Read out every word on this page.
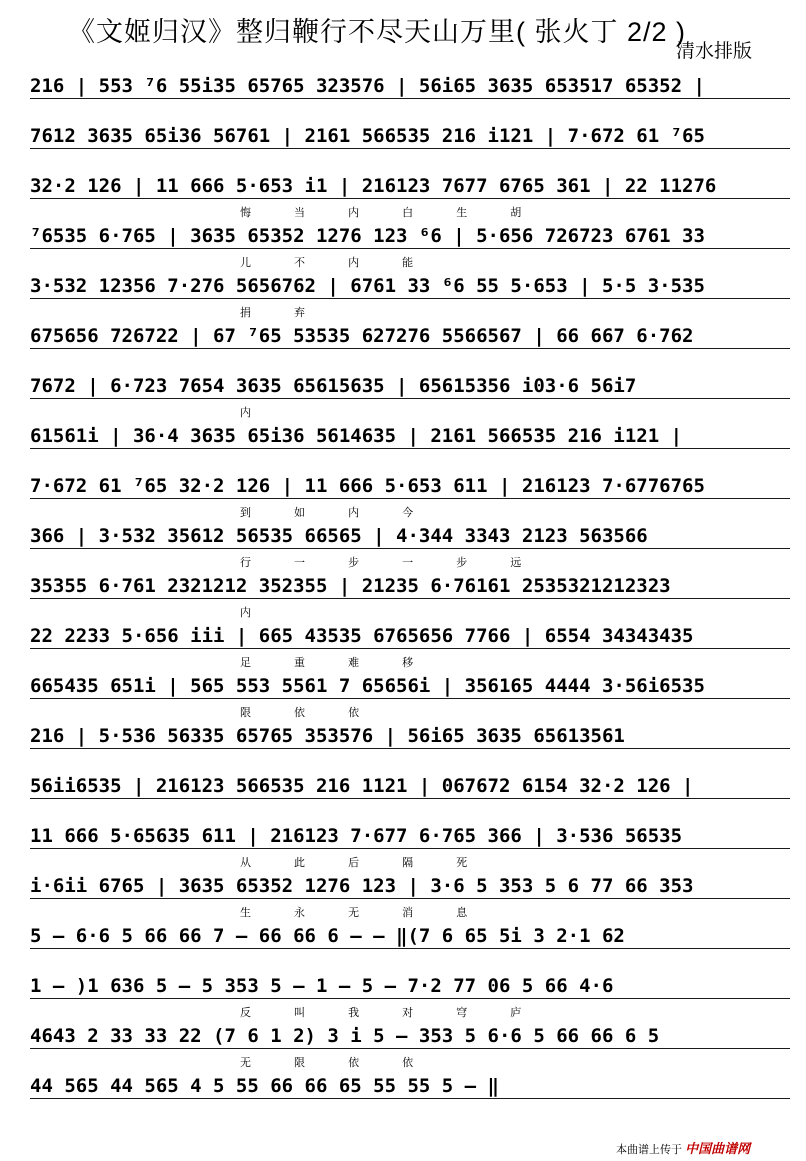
《文姬归汉》整归鞭行不尽天山万里( 张火丁 2/2 )
清水排版
216 | 553 ⁷6 55i35 65765 323576 | 56i65 3635 653517 65352 |
7612 3635 65i36 56761 | 2161 566535 216 i121 | 7·672 61 ⁷65
32·2 126 | 11 666 5·653 i1 | 216123 7677 6765 361 | 22 11276
悔 当 内 白 生 胡
⁷6535 6·765 | 3635 65352 1276 123 ⁶6 | 5·656 726723 6761 33
儿 不 内 能
3·532 12356 7·276 5656762 | 6761 33 ⁶6 55 5·653 | 5·5 3·535
捐 弃
675656 726722 | 67 ⁷65 53535 627276 5566567 | 66 667 6·762
7672 | 6·723 7654 3635 65615635 | 65615356 i03·6 56i7
内
61561i | 36·4 3635 65i36 5614635 | 2161 566535 216 i121 |
7·672 61 ⁷65 32·2 126 | 11 666 5·653 611 | 216123 7·6776765
到 如 内 今
366 | 3·532 35612 56535 66565 | 4·344 3343 2123 563566
行 一 步 一 步 远
35355 6·761 2321212 352355 | 21235 6·76161 2535321212323
内
22 2233 5·656 iii | 665 43535 6765656 7766 | 6554 34343435
足 重 难 移
665435 651i | 565 553 5561 7 65656i | 356165 4444 3·56i6535
限 依 依
216 | 5·536 56335 65765 353576 | 56i65 3635 65613561
56ii6535 | 216123 566535 216 1121 | 067672 6154 32·2 126 |
11 666 5·65635 611 | 216123 7·677 6·765 366 | 3·536 56535
从 此 后 隔 死
i·6ii 6765 | 3635 65352 1276 123 | 3·6 5 353 5 6 77 66 353
生 永 无 消 息
5 – 6·6 5 66 66 7 – 66 66 6 – – ‖(7 6 65 5i 3 2·1 62
1 – )1 636 5 – 5 353 5 – 1 – 5 – 7·2 77 06 5 66 4·6
反 叫 我 对 穹 庐
4643 2 33 33 22 (7 6 1 2) 3 i 5 – 353 5 6·6 5 66 66 6 5
无 限 依 依
44 565 44 565 4 5 55 66 66 65 55 55 5 – ‖
本曲谱上传于 中国曲谱网
